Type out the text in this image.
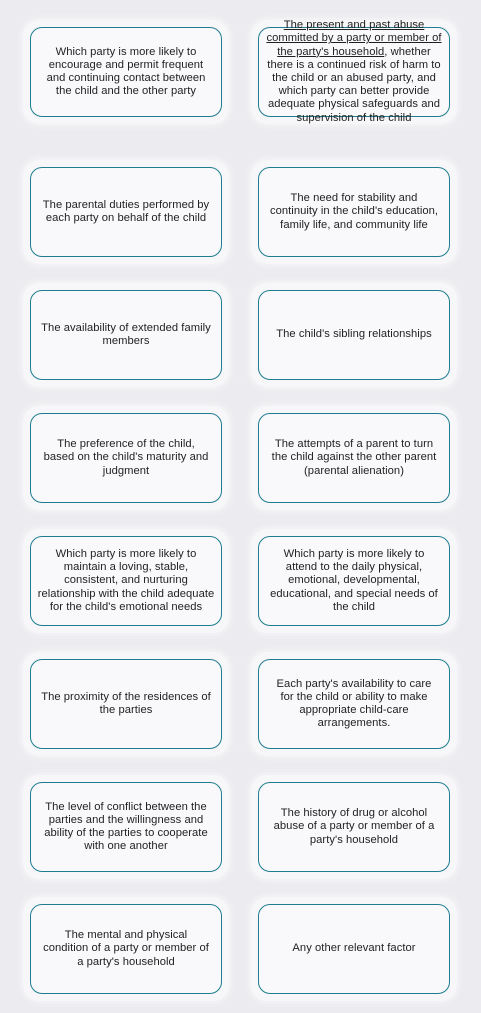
Which party is more likely to encourage and permit frequent and continuing contact between the child and the other party
The present and past abuse committed by a party or member of the party's household, whether there is a continued risk of harm to the child or an abused party, and which party can better provide adequate physical safeguards and supervision of the child
The parental duties performed by each party on behalf of the child
The need for stability and continuity in the child's education, family life, and community life
The availability of extended family members
The child's sibling relationships
The preference of the child, based on the child's maturity and judgment
The attempts of a parent to turn the child against the other parent (parental alienation)
Which party is more likely to maintain a loving, stable, consistent, and nurturing relationship with the child adequate for the child's emotional needs
Which party is more likely to attend to the daily physical, emotional, developmental, educational, and special needs of the child
The proximity of the residences of the parties
Each party's availability to care for the child or ability to make appropriate child-care arrangements.
The level of conflict between the parties and the willingness and ability of the parties to cooperate with one another
The history of drug or alcohol abuse of a party or member of a party's household
The mental and physical condition of a party or member of a party's household
Any other relevant factor
